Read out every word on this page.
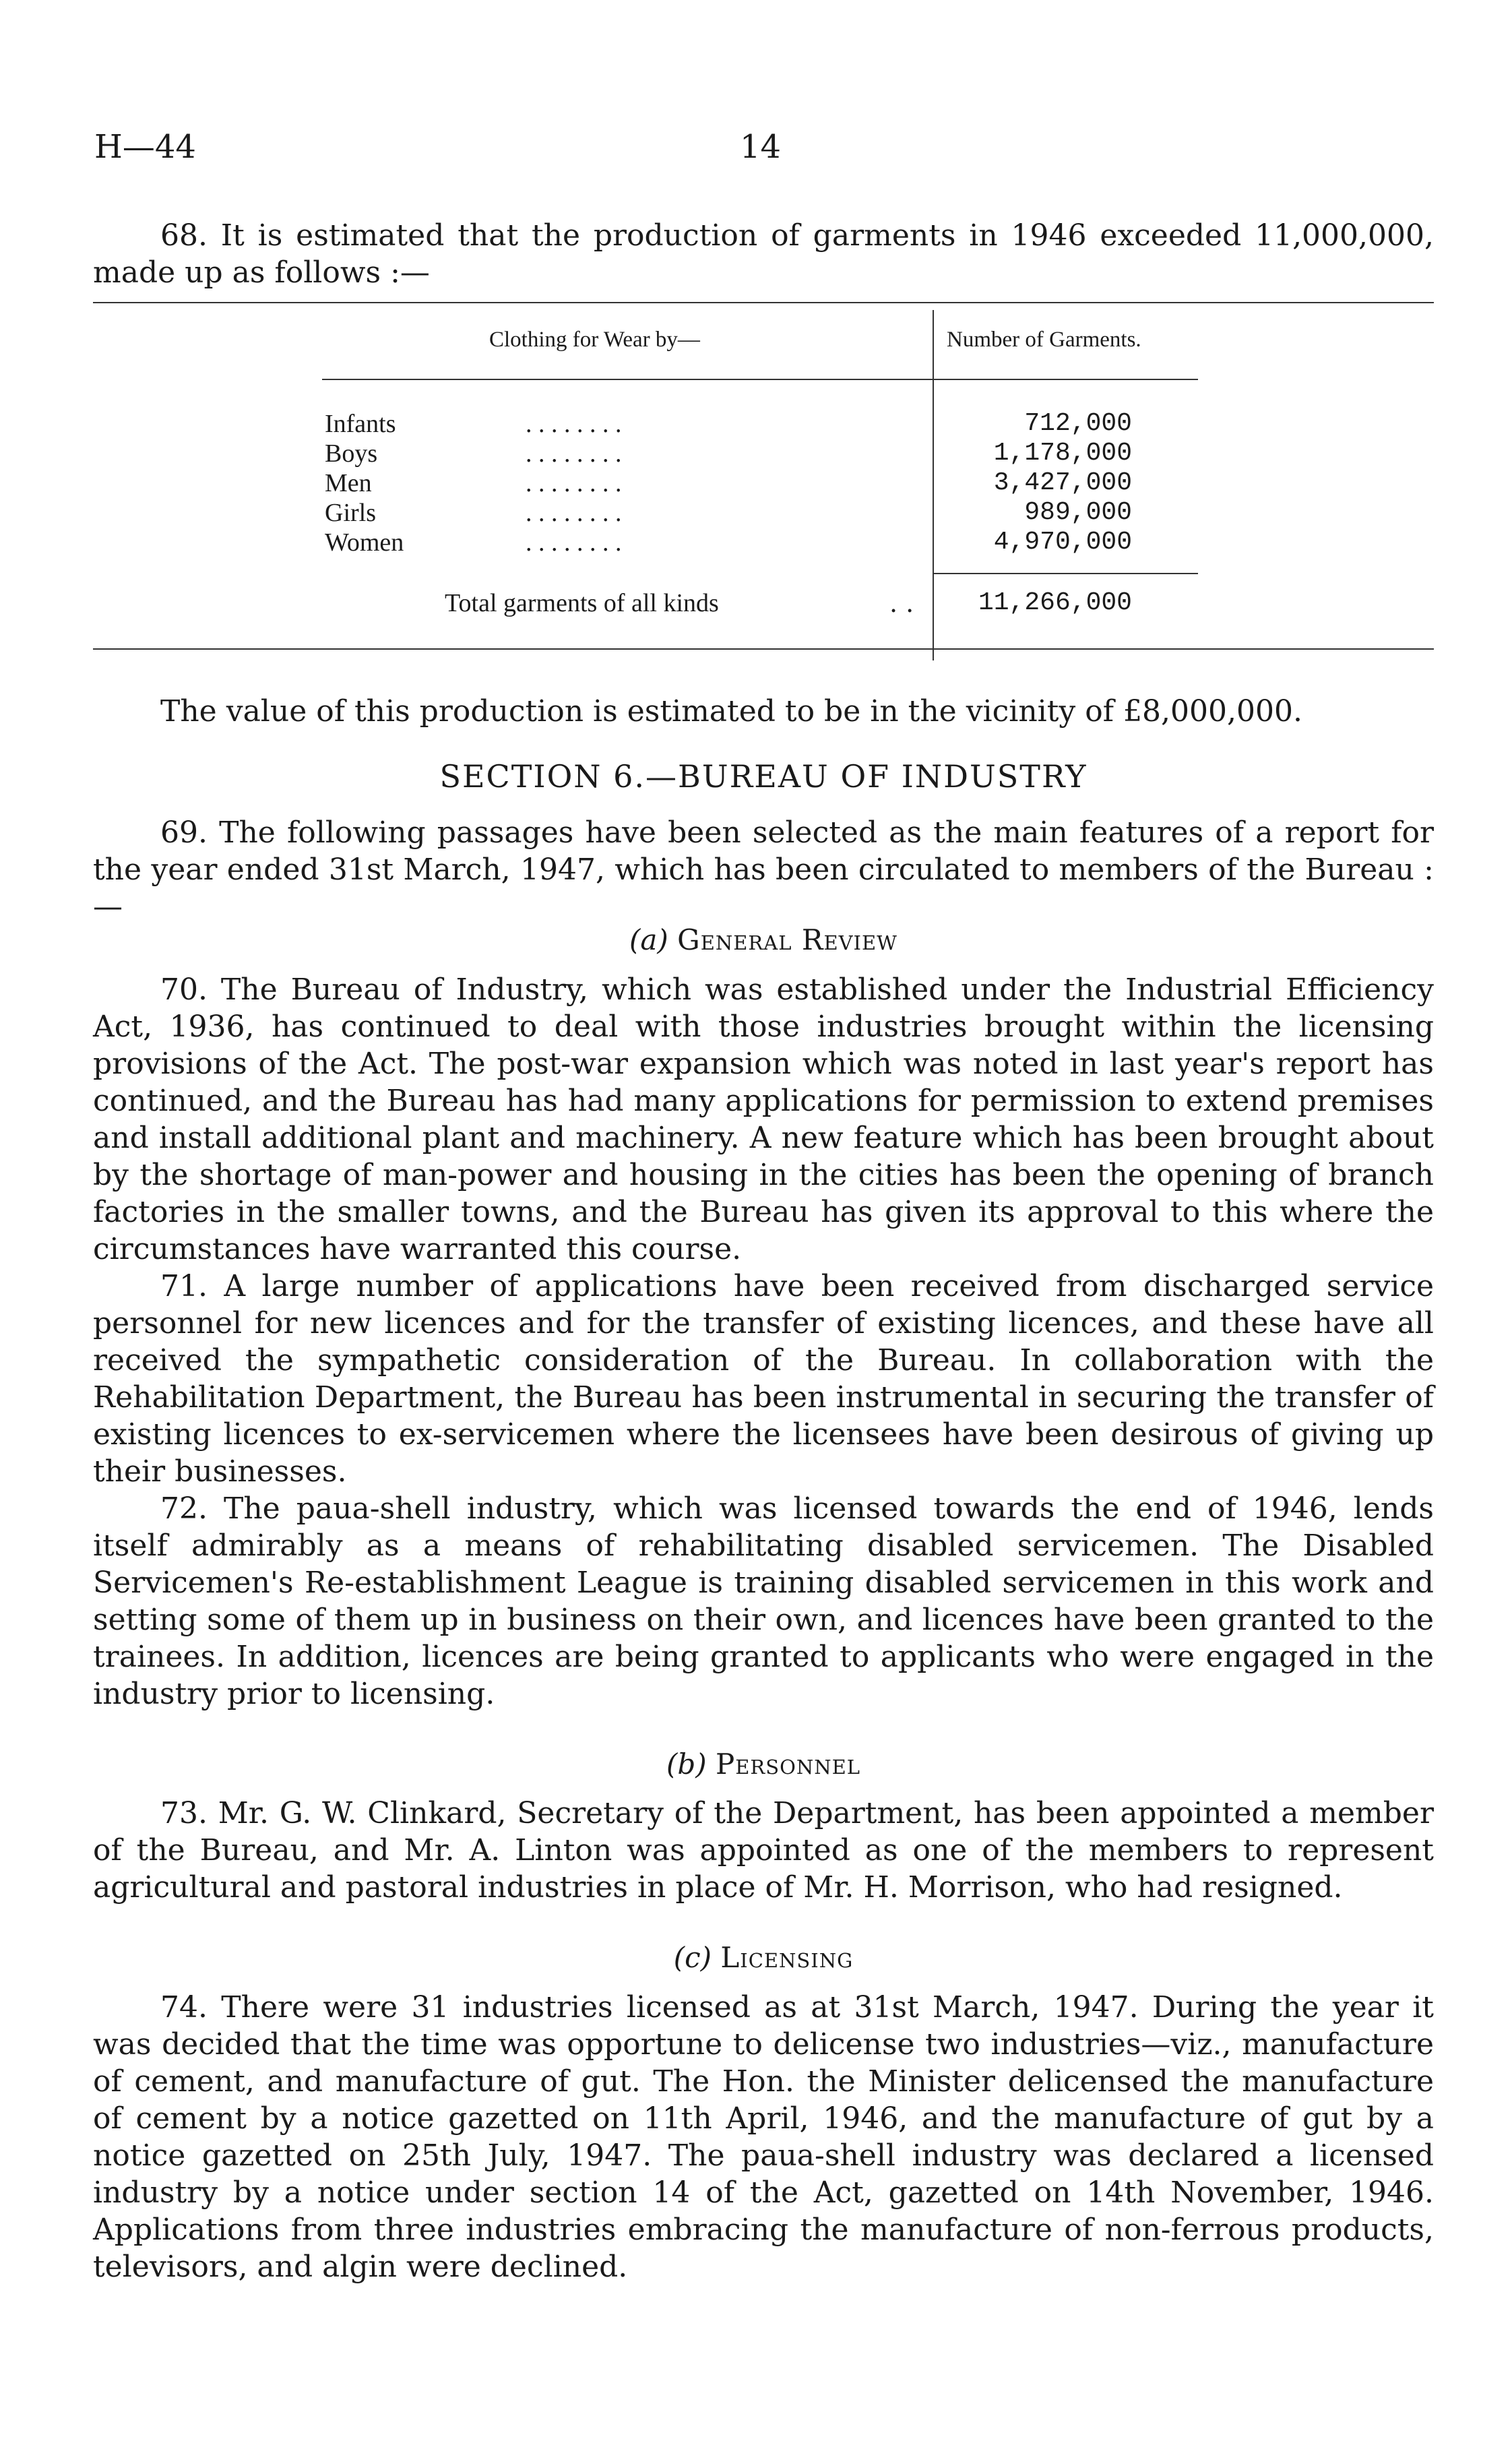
H—44	14

68. It is estimated that the production of garments in 1946 exceeded 11,000,000, made up as follows :—

Clothing for Wear by—	Number of Garments.
Infants	. . . . . . . .	712,000
Boys	. . . . . . . .	1,178,000
Men	. . . . . . . .	3,427,000
Girls	. . . . . . . .	989,000
Women	. . . . . . . .	4,970,000
Total garments of all kinds	. .	11,266,000

The value of this production is estimated to be in the vicinity of £8,000,000.

SECTION 6.—BUREAU OF INDUSTRY

69. The following passages have been selected as the main features of a report for the year ended 31st March, 1947, which has been circulated to members of the Bureau :—

(a) General Review

70. The Bureau of Industry, which was established under the Industrial Efficiency Act, 1936, has continued to deal with those industries brought within the licensing provisions of the Act. The post-war expansion which was noted in last year's report has continued, and the Bureau has had many applications for permission to extend premises and install additional plant and machinery. A new feature which has been brought about by the shortage of man-power and housing in the cities has been the opening of branch factories in the smaller towns, and the Bureau has given its approval to this where the circumstances have warranted this course.

71. A large number of applications have been received from discharged service personnel for new licences and for the transfer of existing licences, and these have all received the sympathetic consideration of the Bureau. In collaboration with the Rehabilitation Department, the Bureau has been instrumental in securing the transfer of existing licences to ex-servicemen where the licensees have been desirous of giving up their businesses.

72. The paua-shell industry, which was licensed towards the end of 1946, lends itself admirably as a means of rehabilitating disabled servicemen. The Disabled Servicemen's Re-establishment League is training disabled servicemen in this work and setting some of them up in business on their own, and licences have been granted to the trainees. In addition, licences are being granted to applicants who were engaged in the industry prior to licensing.

(b) Personnel

73. Mr. G. W. Clinkard, Secretary of the Department, has been appointed a member of the Bureau, and Mr. A. Linton was appointed as one of the members to represent agricultural and pastoral industries in place of Mr. H. Morrison, who had resigned.

(c) Licensing

74. There were 31 industries licensed as at 31st March, 1947. During the year it was decided that the time was opportune to delicense two industries—viz., manufacture of cement, and manufacture of gut. The Hon. the Minister delicensed the manufacture of cement by a notice gazetted on 11th April, 1946, and the manufacture of gut by a notice gazetted on 25th July, 1947. The paua-shell industry was declared a licensed industry by a notice under section 14 of the Act, gazetted on 14th November, 1946. Applications from three industries embracing the manufacture of non-ferrous products, televisors, and algin were declined.
